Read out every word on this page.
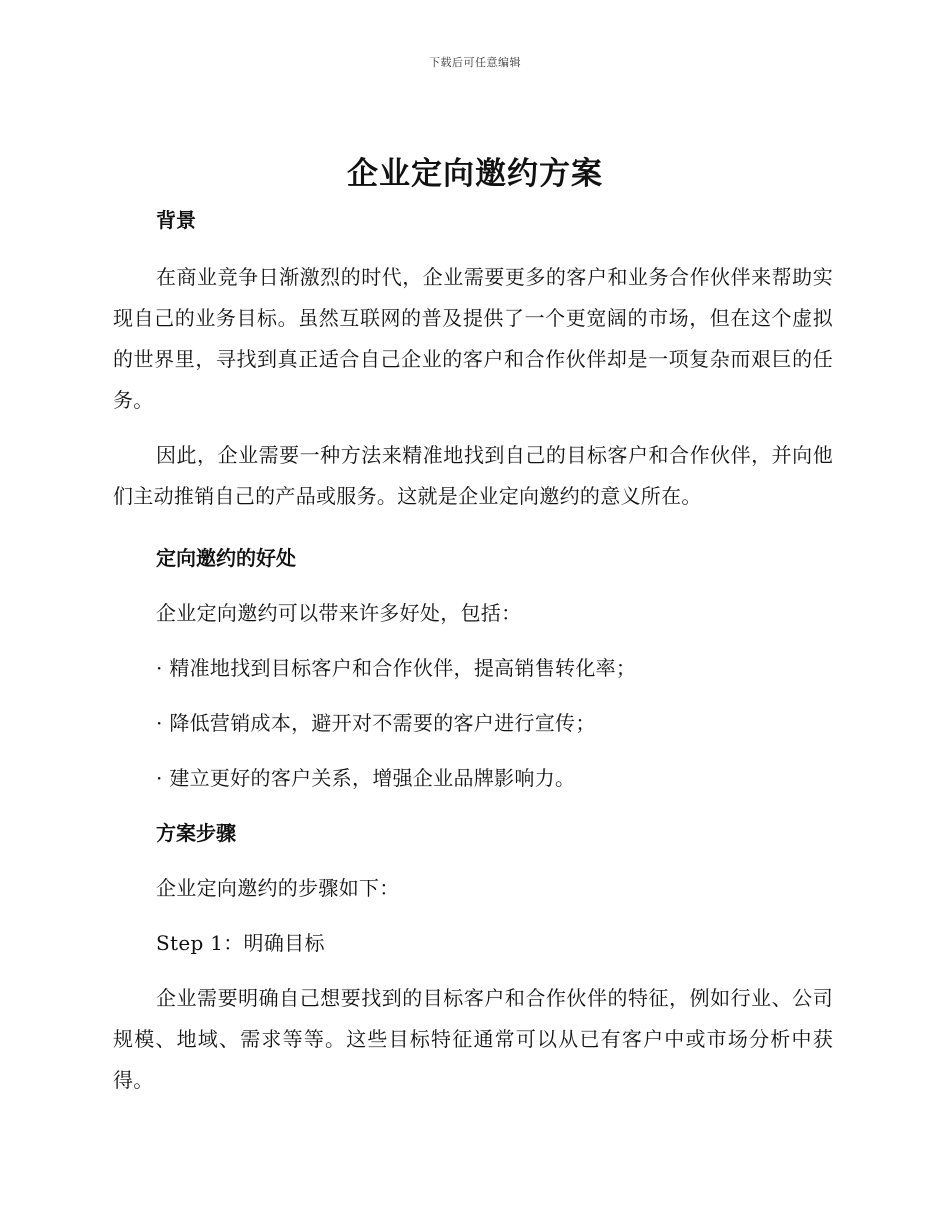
下载后可任意编辑
企业定向邀约方案
背景
在商业竞争日渐激烈的时代，企业需要更多的客户和业务合作伙伴来帮助实现自己的业务目标。虽然互联网的普及提供了一个更宽阔的市场，但在这个虚拟的世界里，寻找到真正适合自己企业的客户和合作伙伴却是一项复杂而艰巨的任务。
因此，企业需要一种方法来精准地找到自己的目标客户和合作伙伴，并向他们主动推销自己的产品或服务。这就是企业定向邀约的意义所在。
定向邀约的好处
企业定向邀约可以带来许多好处，包括：
· 精准地找到目标客户和合作伙伴，提高销售转化率；
· 降低营销成本，避开对不需要的客户进行宣传；
· 建立更好的客户关系，增强企业品牌影响力。
方案步骤
企业定向邀约的步骤如下：
Step 1：明确目标
企业需要明确自己想要找到的目标客户和合作伙伴的特征，例如行业、公司规模、地域、需求等等。这些目标特征通常可以从已有客户中或市场分析中获得。
